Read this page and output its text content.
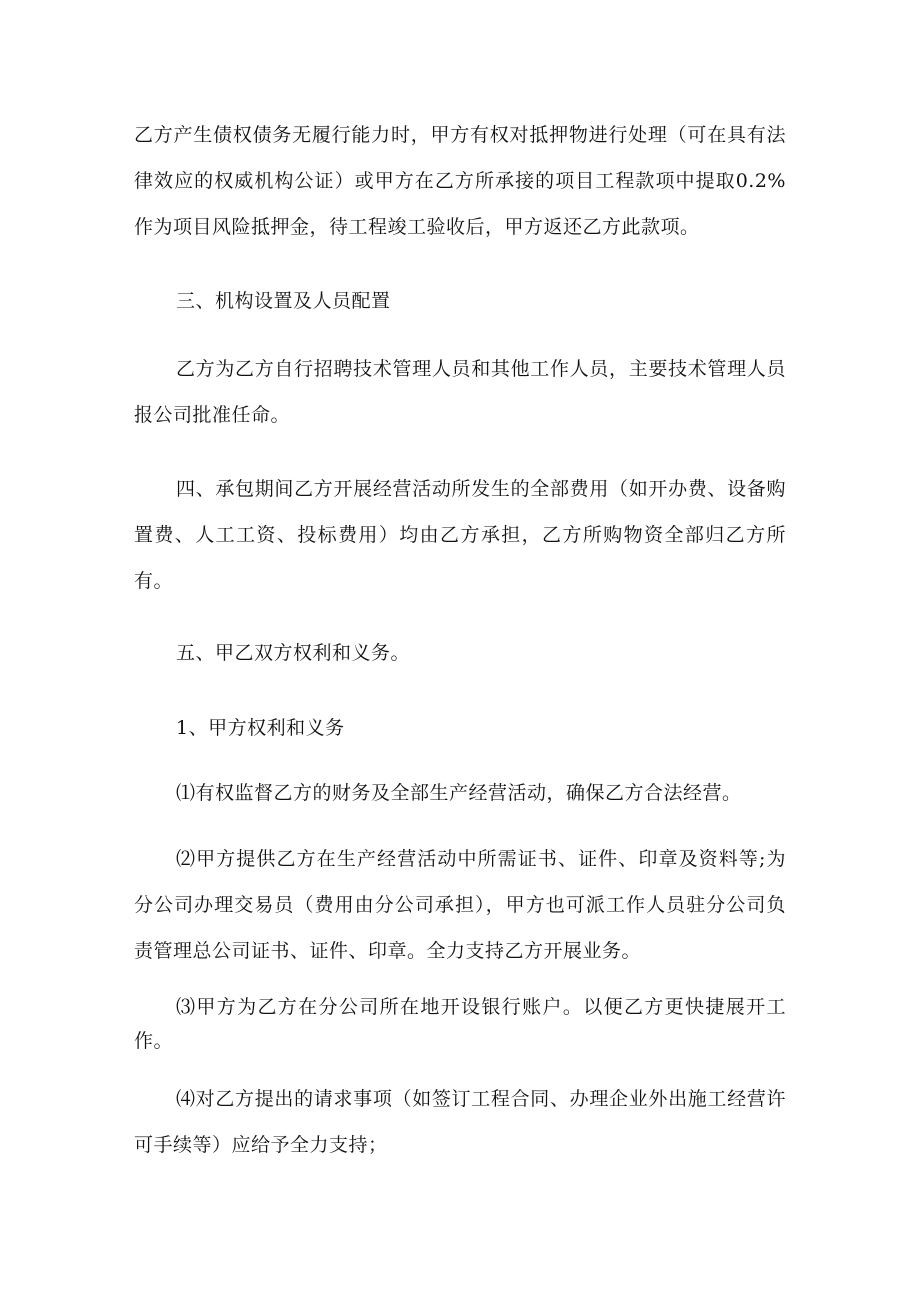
乙方产生债权债务无履行能力时，甲方有权对抵押物进行处理（可在具有法律效应的权威机构公证）或甲方在乙方所承接的项目工程款项中提取0.2%作为项目风险抵押金，待工程竣工验收后，甲方返还乙方此款项。

三、机构设置及人员配置

乙方为乙方自行招聘技术管理人员和其他工作人员，主要技术管理人员报公司批准任命。

四、承包期间乙方开展经营活动所发生的全部费用（如开办费、设备购置费、人工工资、投标费用）均由乙方承担，乙方所购物资全部归乙方所有。

五、甲乙双方权利和义务。

1、甲方权利和义务

⑴有权监督乙方的财务及全部生产经营活动，确保乙方合法经营。

⑵甲方提供乙方在生产经营活动中所需证书、证件、印章及资料等;为分公司办理交易员（费用由分公司承担），甲方也可派工作人员驻分公司负责管理总公司证书、证件、印章。全力支持乙方开展业务。

⑶甲方为乙方在分公司所在地开设银行账户。以便乙方更快捷展开工作。

⑷对乙方提出的请求事项（如签订工程合同、办理企业外出施工经营许可手续等）应给予全力支持；
